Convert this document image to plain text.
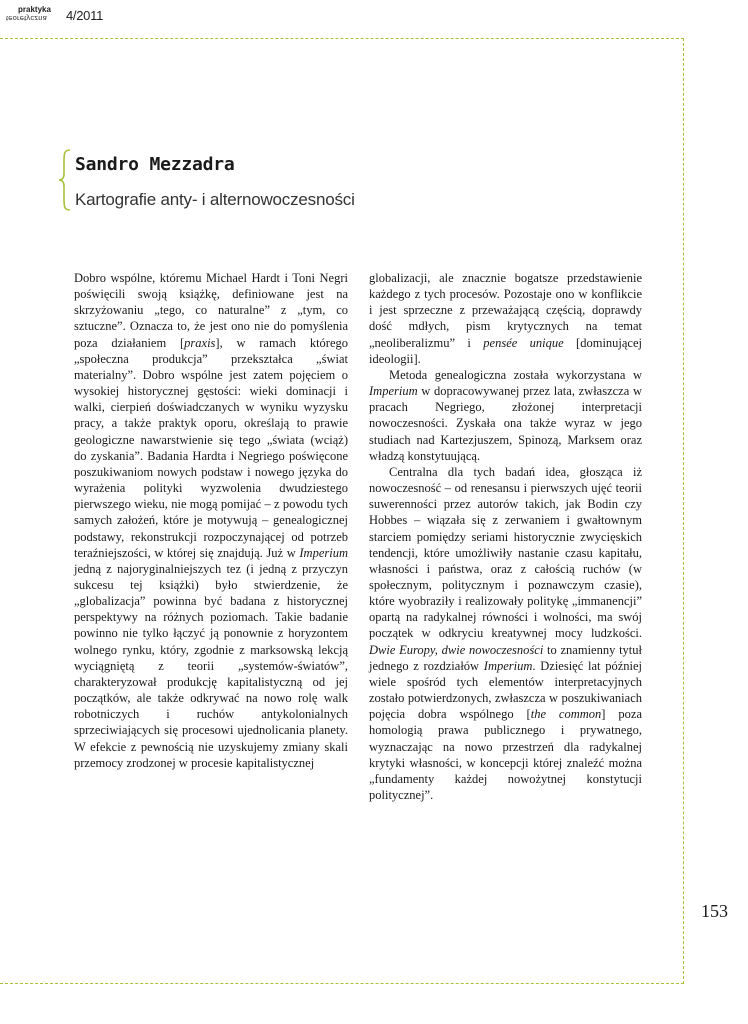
praktyka
teoretyczna 4/2011
Sandro Mezzadra
Kartografie anty- i alternowoczesności

Dobro wspólne, któremu Michael Hardt i Toni Negri poświęcili swoją książkę, definiowane jest na skrzyżowaniu „tego, co naturalne” z „tym, co sztuczne”. Oznacza to, że jest ono nie do pomyślenia poza działaniem [praxis], w ramach którego „społeczna produkcja” przekształca „świat materialny”. Dobro wspólne jest zatem pojęciem o wysokiej historycznej gęstości: wieki dominacji i walki, cierpień doświadczanych w wyniku wyzysku pracy, a także praktyk oporu, określają to prawie geologiczne nawarstwienie się tego „świata (wciąż) do zyskania”. Badania Hardta i Negriego poświęcone poszukiwaniom nowych podstaw i nowego języka do wyrażenia polityki wyzwolenia dwudziestego pierwszego wieku, nie mogą pomijać – z powodu tych samych założeń, które je motywują – genealogicznej podstawy, rekonstrukcji rozpoczynającej od potrzeb teraźniejszości, w której się znajdują. Już w Imperium jedną z najoryginalniejszych tez (i jedną z przyczyn sukcesu tej książki) było stwierdzenie, że „globalizacja” powinna być badana z historycznej perspektywy na różnych poziomach. Takie badanie powinno nie tylko łączyć ją ponownie z horyzontem wolnego rynku, który, zgodnie z marksowską lekcją wyciągniętą z teorii „systemów-światów”, charakteryzował produkcję kapitalistyczną od jej początków, ale także odkrywać na nowo rolę walk robotniczych i ruchów antykolonialnych sprzeciwiających się procesowi ujednolicania planety. W efekcie z pewnością nie uzyskujemy zmiany skali przemocy zrodzonej w procesie kapitalistycznej

globalizacji, ale znacznie bogatsze przedstawienie każdego z tych procesów. Pozostaje ono w konflikcie i jest sprzeczne z przeważającą częścią, doprawdy dość mdłych, pism krytycznych na temat „neoliberalizmu” i pensée unique [dominującej ideologii].

Metoda genealogiczna została wykorzystana w Imperium w dopracowywanej przez lata, zwłaszcza w pracach Negriego, złożonej interpretacji nowoczesności. Zyskała ona także wyraz w jego studiach nad Kartezjuszem, Spinozą, Marksem oraz władzą konstytuującą.

Centralna dla tych badań idea, głosząca iż nowoczesność – od renesansu i pierwszych ujęć teorii suwerenności przez autorów takich, jak Bodin czy Hobbes – wiązała się z zerwaniem i gwałtownym starciem pomiędzy seriami historycznie zwycięskich tendencji, które umożliwiły nastanie czasu kapitału, własności i państwa, oraz z całością ruchów (w społecznym, politycznym i poznawczym czasie), które wyobraziły i realizowały politykę „immanencji” opartą na radykalnej równości i wolności, ma swój początek w odkryciu kreatywnej mocy ludzkości. Dwie Europy, dwie nowoczesności to znamienny tytuł jednego z rozdziałów Imperium. Dziesięć lat później wiele spośród tych elementów interpretacyjnych zostało potwierdzonych, zwłaszcza w poszukiwaniach pojęcia dobra wspólnego [the common] poza homologią prawa publicznego i prywatnego, wyznaczając na nowo przestrzeń dla radykalnej krytyki własności, w koncepcji której znaleźć można „fundamenty każdej nowożytnej konstytucji politycznej”.

153
